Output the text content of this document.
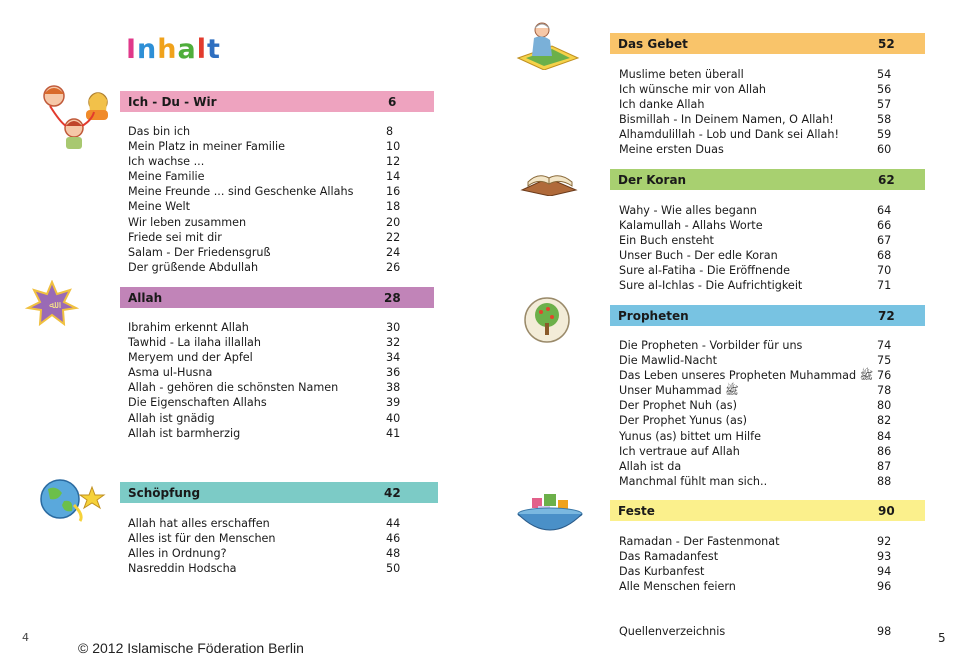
Inhalt
ﷲ
Ich - Du - Wir	6
Das bin ich	8
Mein Platz in meiner Familie	10
Ich wachse ...	12
Meine Familie	14
Meine Freunde ... sind Geschenke Allahs	16
Meine Welt	18
Wir leben zusammen	20
Friede sei mit dir	22
Salam - Der Friedensgruß	24
Der grüßende Abdullah	26
Allah	28
Ibrahim erkennt Allah	30
Tawhid - La ilaha illallah	32
Meryem und der Apfel	34
Asma ul-Husna	36
Allah - gehören die schönsten Namen	38
Die Eigenschaften Allahs	39
Allah ist gnädig	40
Allah ist barmherzig	41
Schöpfung	42
Allah hat alles erschaffen	44
Alles ist für den Menschen	46
Alles in Ordnung?	48
Nasreddin Hodscha	50
4
© 2012 Islamische Föderation Berlin
Das Gebet	52
Muslime beten überall	54
Ich wünsche mir von Allah	56
Ich danke Allah	57
Bismillah - In Deinem Namen, O Allah!	58
Alhamdulillah - Lob und Dank sei Allah!	59
Meine ersten Duas	60
Der Koran	62
Wahy - Wie alles begann	64
Kalamullah - Allahs Worte	66
Ein Buch ensteht	67
Unser Buch - Der edle Koran	68
Sure al-Fatiha - Die Eröffnende	70
Sure al-Ichlas - Die Aufrichtigkeit	71
Propheten	72
Die Propheten - Vorbilder für uns	74
Die Mawlid-Nacht	75
Das Leben unseres Propheten Muhammad ﷺ 76
Unser Muhammad ﷺ	78
Der Prophet Nuh (as)	80
Der Prophet Yunus (as)	82
Yunus (as) bittet um Hilfe	84
Ich vertraue auf Allah	86
Allah ist da	87
Manchmal fühlt man sich..	88
Feste	90
Ramadan - Der Fastenmonat	92
Das Ramadanfest	93
Das Kurbanfest	94
Alle Menschen feiern	96
Quellenverzeichnis	98	5
